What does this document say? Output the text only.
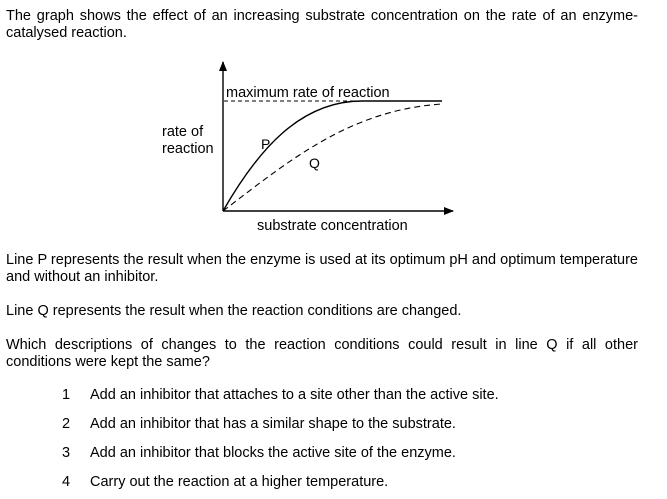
The graph shows the effect of an increasing substrate concentration on the rate of an enzyme-catalysed reaction.

maximum rate of reaction
rate of
reaction	P
Q
substrate concentration

Line P represents the result when the enzyme is used at its optimum pH and optimum temperature and without an inhibitor.

Line Q represents the result when the reaction conditions are changed.

Which descriptions of changes to the reaction conditions could result in line Q if all other conditions were kept the same?

1 Add an inhibitor that attaches to a site other than the active site.
2 Add an inhibitor that has a similar shape to the substrate.
3 Add an inhibitor that blocks the active site of the enzyme.
4 Carry out the reaction at a higher temperature.
